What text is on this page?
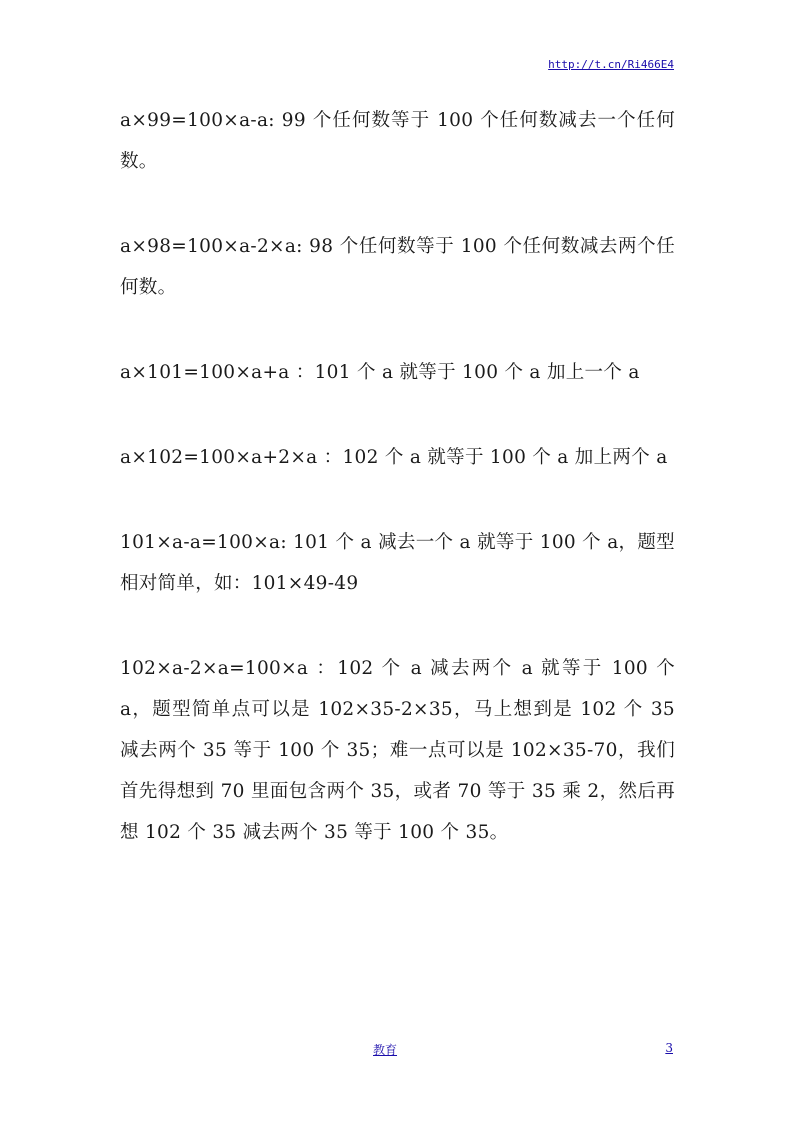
http://t.cn/Ri466E4

a×99=100×a-a: 99 个任何数等于 100 个任何数减去一个任何数。

a×98=100×a-2×a: 98 个任何数等于 100 个任何数减去两个任何数。

a×101=100×a+a ：101 个 a 就等于 100 个 a 加上一个 a

a×102=100×a+2×a ：102 个 a 就等于 100 个 a 加上两个 a

101×a-a=100×a: 101 个 a 减去一个 a 就等于 100 个 a，题型相对简单，如：101×49-49

102×a-2×a=100×a ：102 个 a 减去两个 a 就等于 100 个 a，题型简单点可以是 102×35-2×35，马上想到是 102 个 35 减去两个 35 等于 100 个 35；难一点可以是 102×35-70，我们首先得想到 70 里面包含两个 35，或者 70 等于 35 乘 2，然后再想 102 个 35 减去两个 35 等于 100 个 35。

教育	3
